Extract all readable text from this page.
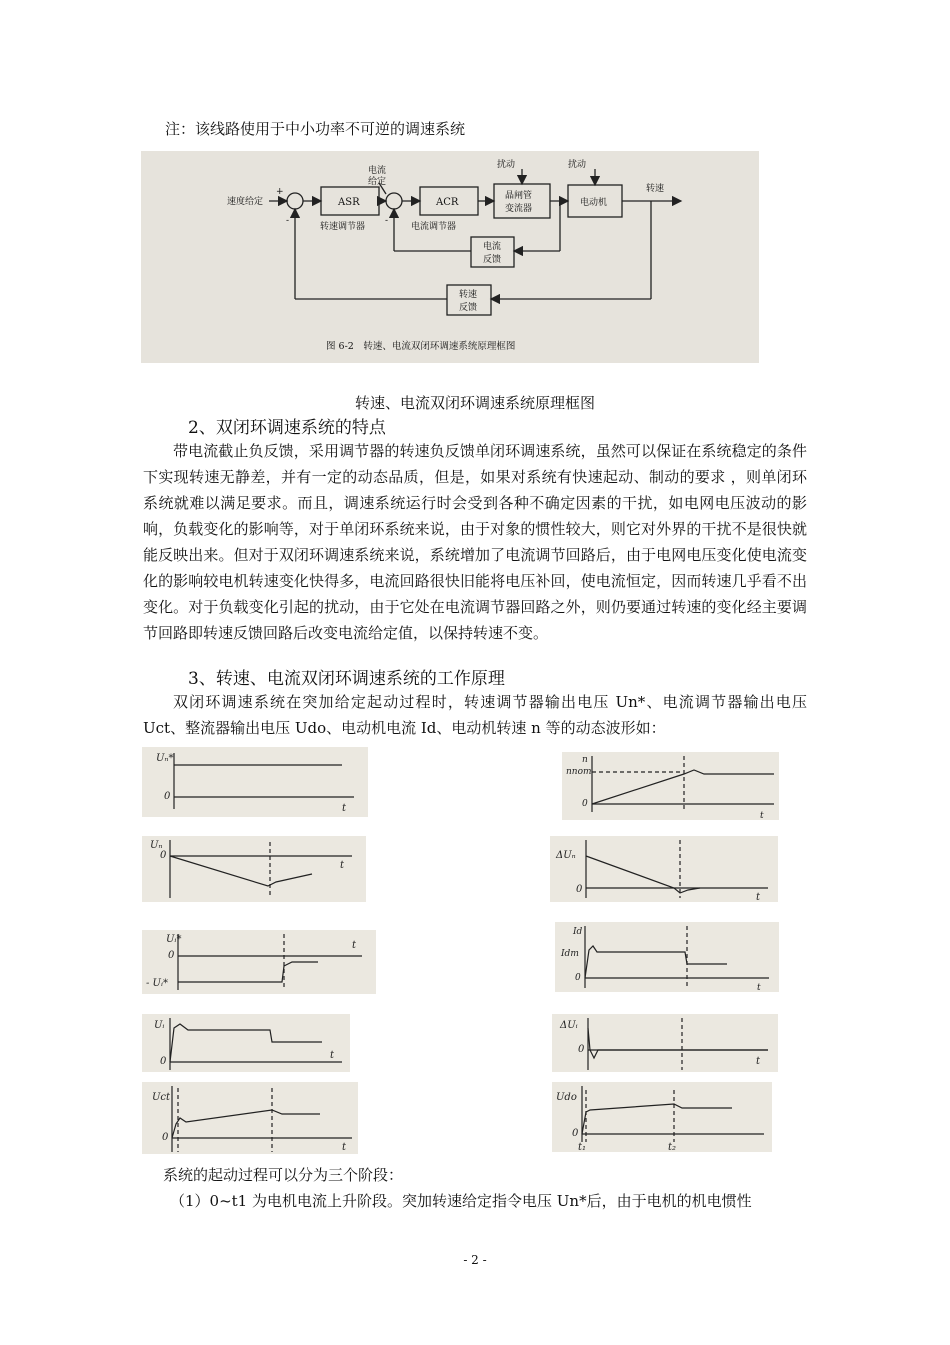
注：该线路使用于中小功率不可逆的调速系统
速度给定
电流
给定
扰动	扰动
ASR
转速调节器
ACR
电流调节器
晶闸管
变流器
电动机
转速
电流
反馈
转速
反馈
+
-	-
图 6-2　转速、电流双闭环调速系统原理框图
转速、电流双闭环调速系统原理框图
2、双闭环调速系统的特点

带电流截止负反馈，采用调节器的转速负反馈单闭环调速系统，虽然可以保证在系统稳定的条件下实现转速无静差，并有一定的动态品质，但是，如果对系统有快速起动、制动的要求 ，则单闭环系统就难以满足要求。而且，调速系统运行时会受到各种不确定因素的干扰，如电网电压波动的影响，负载变化的影响等，对于单闭环系统来说，由于对象的惯性较大，则它对外界的干扰不是很快就能反映出来。但对于双闭环调速系统来说，系统增加了电流调节回路后，由于电网电压变化使电流变化的影响较电机转速变化快得多，电流回路很快旧能将电压补回，使电流恒定，因而转速几乎看不出变化。对于负载变化引起的扰动，由于它处在电流调节器回路之外，则仍要通过转速的变化经主要调节回路即转速反馈回路后改变电流给定值，以保持转速不变。

3、转速、电流双闭环调速系统的工作原理

双闭环调速系统在突加给定起动过程时，转速调节器输出电压 Un*、电流调节器输出电压 Uct、整流器输出电压 Udo、电动机电流 Id、电动机转速 n 等的动态波形如：

Uₙ*
0
t
n
nnom
0
t
Uₙ
0
t
ΔUₙ
0
t
Uᵢ*
0
- Uᵢ*
t
Id
Idm
0
t
Uᵢ
0
t
ΔUᵢ
0
t
Uct
0
t
Udo
0
t₁	t₂
系统的起动过程可以分为三个阶段：
（1）0~t1 为电机电流上升阶段。突加转速给定指令电压 Un*后，由于电机的机电惯性
- 2 -
